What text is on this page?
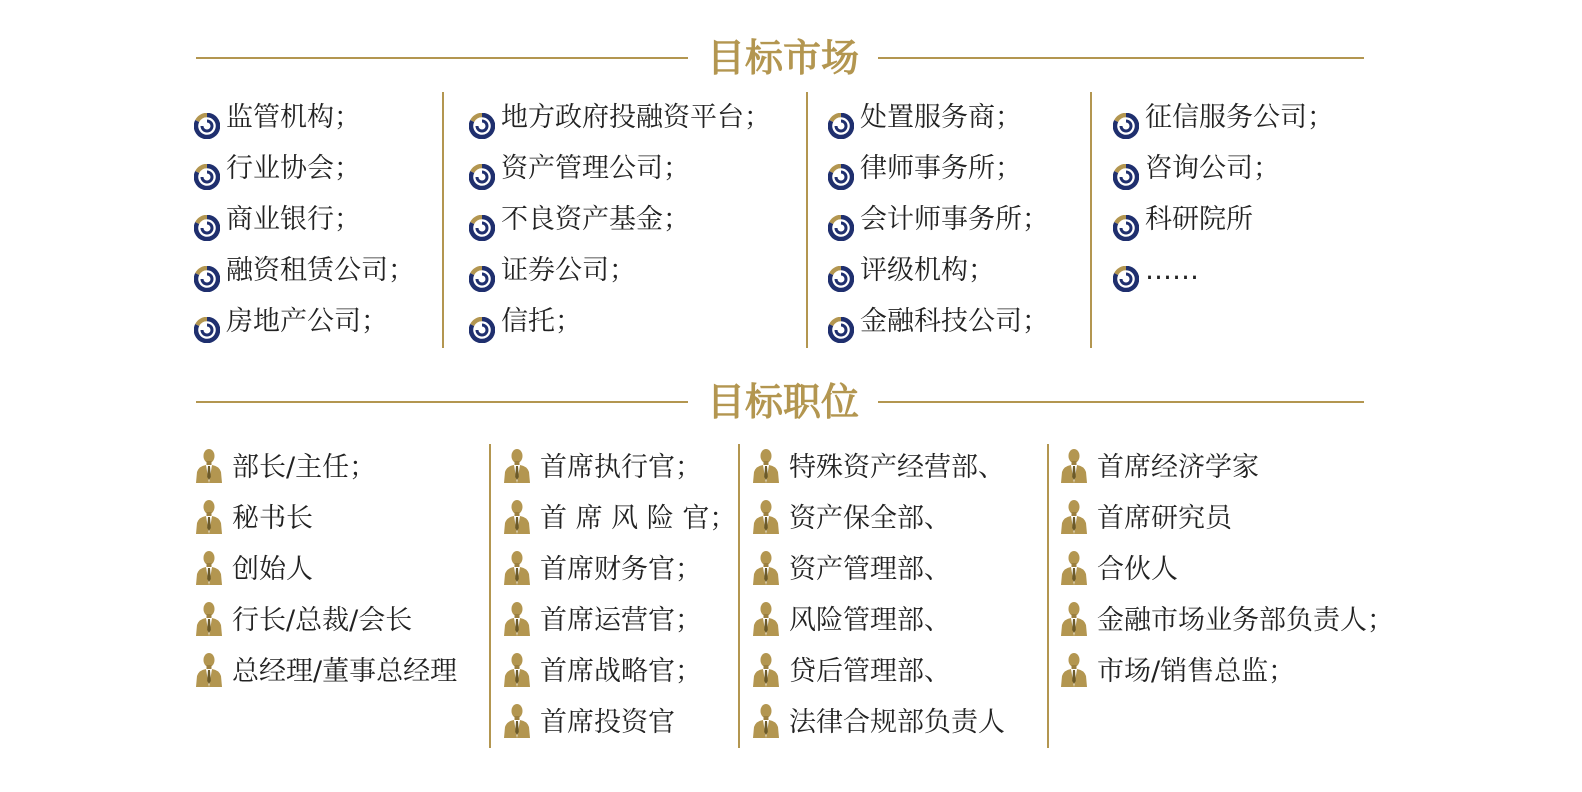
目标市场
监管机构；
行业协会；
商业银行；
融资租赁公司；
房地产公司；
地方政府投融资平台；
资产管理公司；
不良资产基金；
证券公司；
信托；
处置服务商；
律师事务所；
会计师事务所；
评级机构；
金融科技公司；
征信服务公司；
咨询公司；
科研院所
……
目标职位
部长/主任；
秘书长
创始人
行长/总裁/会长
总经理/董事总经理
首席执行官；
首 席 风 险 官；
首席财务官；
首席运营官；
首席战略官；
首席投资官
特殊资产经营部、
资产保全部、
资产管理部、
风险管理部、
贷后管理部、
法律合规部负责人
首席经济学家
首席研究员
合伙人
金融市场业务部负责人；
市场/销售总监；
